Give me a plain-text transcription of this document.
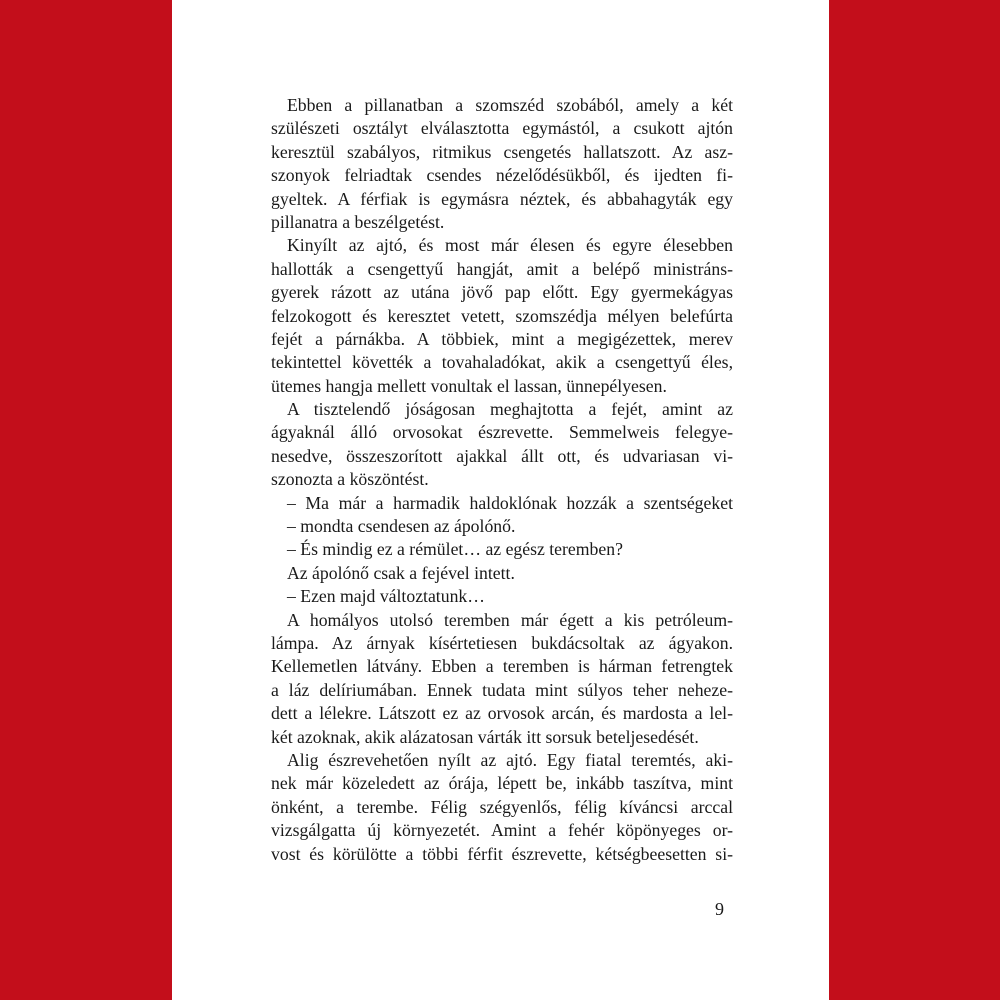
Ebben a pillanatban a szomszéd szobából, amely a két
szülészeti osztályt elválasztotta egymástól, a csukott ajtón
keresztül szabályos, ritmikus csengetés hallatszott. Az asz-
szonyok felriadtak csendes nézelődésükből, és ijedten fi-
gyeltek. A férfiak is egymásra néztek, és abbahagyták egy
pillanatra a beszélgetést.
Kinyílt az ajtó, és most már élesen és egyre élesebben
hallották a csengettyű hangját, amit a belépő ministráns-
gyerek rázott az utána jövő pap előtt. Egy gyermekágyas
felzokogott és keresztet vetett, szomszédja mélyen belefúrta
fejét a párnákba. A többiek, mint a megigézettek, merev
tekintettel követték a tovahaladókat, akik a csengettyű éles,
ütemes hangja mellett vonultak el lassan, ünnepélyesen.
A tisztelendő jóságosan meghajtotta a fejét, amint az
ágyaknál álló orvosokat észrevette. Semmelweis felegye-
nesedve, összeszorított ajakkal állt ott, és udvariasan vi-
szonozta a köszöntést.
– Ma már a harmadik haldoklónak hozzák a szentségeket
– mondta csendesen az ápolónő.
– És mindig ez a rémület… az egész teremben?
Az ápolónő csak a fejével intett.
– Ezen majd változtatunk…
A homályos utolsó teremben már égett a kis petróleum-
lámpa. Az árnyak kísértetiesen bukdácsoltak az ágyakon.
Kellemetlen látvány. Ebben a teremben is hárman fetrengtek
a láz delíriumában. Ennek tudata mint súlyos teher neheze-
dett a lélekre. Látszott ez az orvosok arcán, és mardosta a lel-
két azoknak, akik alázatosan várták itt sorsuk beteljesedését.
Alig észrevehetően nyílt az ajtó. Egy fiatal teremtés, aki-
nek már közeledett az órája, lépett be, inkább taszítva, mint
önként, a terembe. Félig szégyenlős, félig kíváncsi arccal
vizsgálgatta új környezetét. Amint a fehér köpönyeges or-
vost és körülötte a többi férfit észrevette, kétségbeesetten si-
9
